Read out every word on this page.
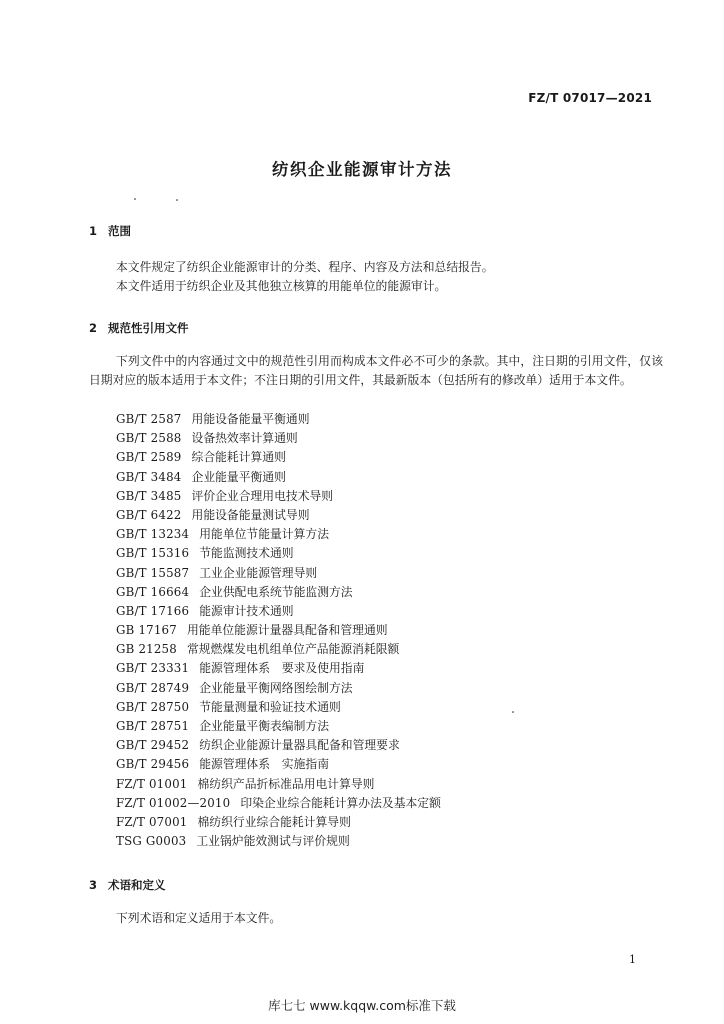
FZ/T 07017—2021
纺织企业能源审计方法
1 范围
本文件规定了纺织企业能源审计的分类、程序、内容及方法和总结报告。
本文件适用于纺织企业及其他独立核算的用能单位的能源审计。
2 规范性引用文件
下列文件中的内容通过文中的规范性引用而构成本文件必不可少的条款。其中，注日期的引用文件，仅该日期对应的版本适用于本文件；不注日期的引用文件，其最新版本（包括所有的修改单）适用于本文件。
GB/T 2587 用能设备能量平衡通则
GB/T 2588 设备热效率计算通则
GB/T 2589 综合能耗计算通则
GB/T 3484 企业能量平衡通则
GB/T 3485 评价企业合理用电技术导则
GB/T 6422 用能设备能量测试导则
GB/T 13234 用能单位节能量计算方法
GB/T 15316 节能监测技术通则
GB/T 15587 工业企业能源管理导则
GB/T 16664 企业供配电系统节能监测方法
GB/T 17166 能源审计技术通则
GB 17167 用能单位能源计量器具配备和管理通则
GB 21258 常规燃煤发电机组单位产品能源消耗限额
GB/T 23331 能源管理体系　要求及使用指南
GB/T 28749 企业能量平衡网络图绘制方法
GB/T 28750 节能量测量和验证技术通则
GB/T 28751 企业能量平衡表编制方法
GB/T 29452 纺织企业能源计量器具配备和管理要求
GB/T 29456 能源管理体系　实施指南
FZ/T 01001 棉纺织产品折标准品用电计算导则
FZ/T 01002—2010 印染企业综合能耗计算办法及基本定额
FZ/T 07001 棉纺织行业综合能耗计算导则
TSG G0003 工业锅炉能效测试与评价规则
3 术语和定义
下列术语和定义适用于本文件。
1
库七七 www.kqqw.com标准下载
